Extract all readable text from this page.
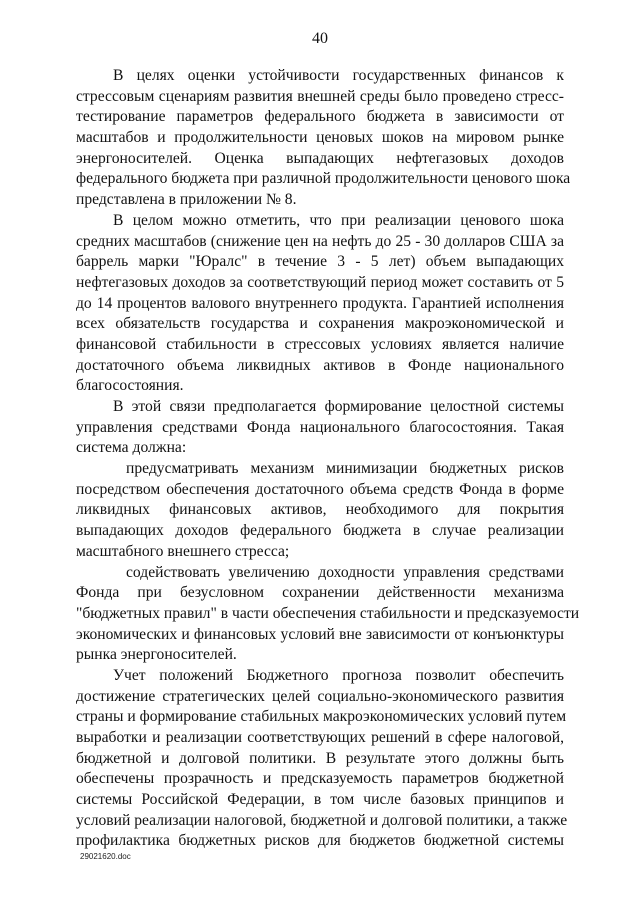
40
В целях оценки устойчивости государственных финансов к
стрессовым сценариям развития внешней среды было проведено стресс-
тестирование параметров федерального бюджета в зависимости от
масштабов и продолжительности ценовых шоков на мировом рынке
энергоносителей. Оценка выпадающих нефтегазовых доходов
федерального бюджета при различной продолжительности ценового шока
представлена в приложении № 8.
В целом можно отметить, что при реализации ценового шока
средних масштабов (снижение цен на нефть до 25 - 30 долларов США за
баррель марки "Юралс" в течение 3 - 5 лет) объем выпадающих
нефтегазовых доходов за соответствующий период может составить от 5
до 14 процентов валового внутреннего продукта. Гарантией исполнения
всех обязательств государства и сохранения макроэкономической и
финансовой стабильности в стрессовых условиях является наличие
достаточного объема ликвидных активов в Фонде национального
благосостояния.
В этой связи предполагается формирование целостной системы
управления средствами Фонда национального благосостояния. Такая
система должна:
предусматривать механизм минимизации бюджетных рисков
посредством обеспечения достаточного объема средств Фонда в форме
ликвидных финансовых активов, необходимого для покрытия
выпадающих доходов федерального бюджета в случае реализации
масштабного внешнего стресса;
содействовать увеличению доходности управления средствами
Фонда при безусловном сохранении действенности механизма
"бюджетных правил" в части обеспечения стабильности и предсказуемости
экономических и финансовых условий вне зависимости от конъюнктуры
рынка энергоносителей.
Учет положений Бюджетного прогноза позволит обеспечить
достижение стратегических целей социально-экономического развития
страны и формирование стабильных макроэкономических условий путем
выработки и реализации соответствующих решений в сфере налоговой,
бюджетной и долговой политики. В результате этого должны быть
обеспечены прозрачность и предсказуемость параметров бюджетной
системы Российской Федерации, в том числе базовых принципов и
условий реализации налоговой, бюджетной и долговой политики, а также
профилактика бюджетных рисков для бюджетов бюджетной системы
29021620.doc
